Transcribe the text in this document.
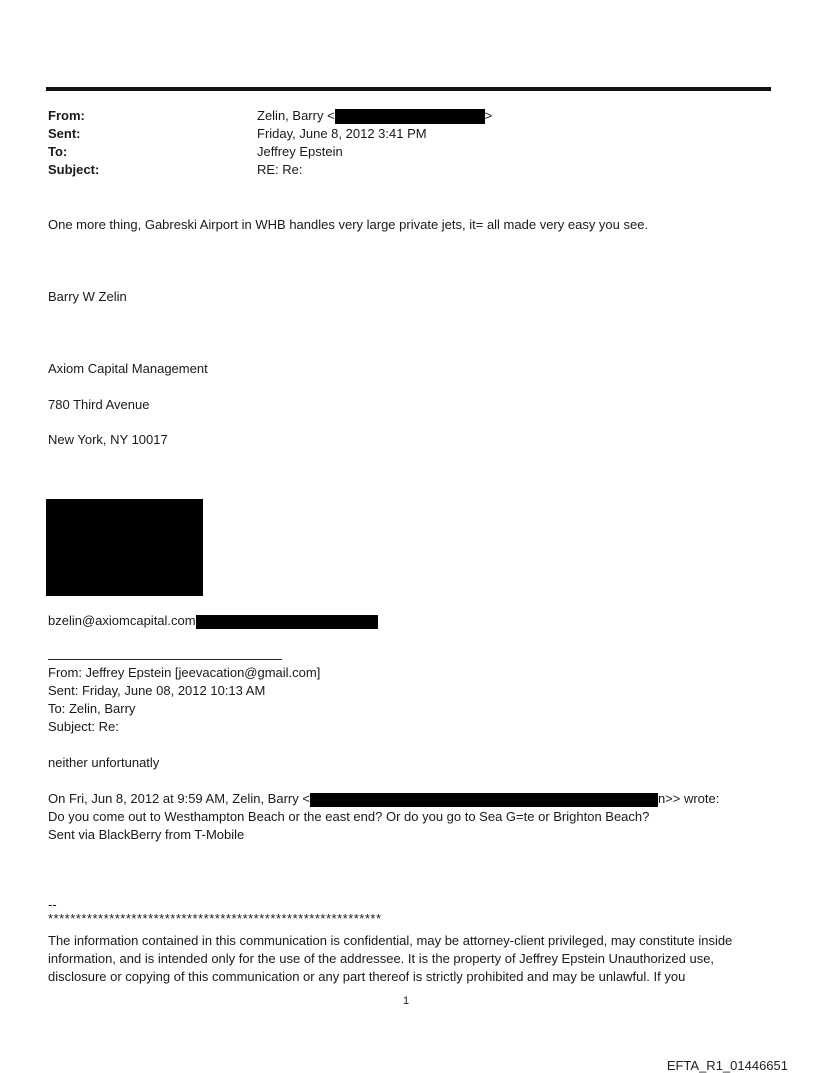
From:	Zelin, Barry <	>
Sent:	Friday, June 8, 2012 3:41 PM
To:	Jeffrey Epstein
Subject:	RE: Re:
One more thing, Gabreski Airport in WHB handles very large private jets, it= all made very easy you see.
Barry W Zelin
Axiom Capital Management
780 Third Avenue
New York, NY 10017
bzelin@axiomcapital.com
From: Jeffrey Epstein [jeevacation@gmail.com]
Sent: Friday, June 08, 2012 10:13 AM
To: Zelin, Barry
Subject: Re:
neither unfortunatly
On Fri, Jun 8, 2012 at 9:59 AM, Zelin, Barry <	n>> wrote:
Do you come out to Westhampton Beach or the east end? Or do you go to Sea G=te or Brighton Beach?
Sent via BlackBerry from T-Mobile
--
************************************************************
The information contained in this communication is confidential, may be attorney-client privileged, may constitute inside information, and is intended only for the use of the addressee. It is the property of Jeffrey Epstein Unauthorized use, disclosure or copying of this communication or any part thereof is strictly prohibited and may be unlawful. If you
1
EFTA_R1_01446651
